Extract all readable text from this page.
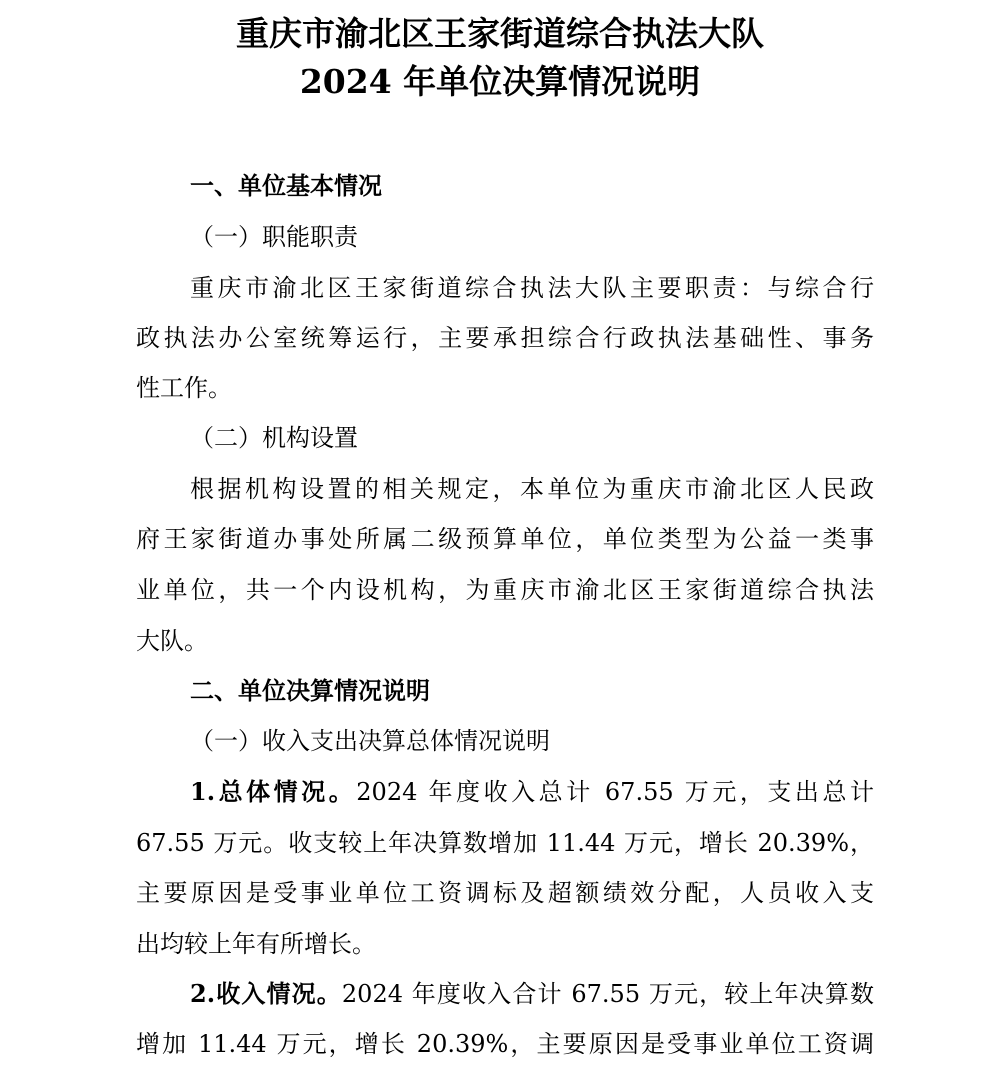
重庆市渝北区王家街道综合执法大队
2024 年单位决算情况说明
一、单位基本情况
（一）职能职责
重庆市渝北区王家街道综合执法大队主要职责：与综合行
政执法办公室统筹运行，主要承担综合行政执法基础性、事务
性工作。
（二）机构设置
根据机构设置的相关规定，本单位为重庆市渝北区人民政
府王家街道办事处所属二级预算单位，单位类型为公益一类事
业单位，共一个内设机构，为重庆市渝北区王家街道综合执法
大队。
二、单位决算情况说明
（一）收入支出决算总体情况说明
1.总体情况。2024 年度收入总计 67.55 万元，支出总计
67.55 万元。收支较上年决算数增加 11.44 万元，增长 20.39%，
主要原因是受事业单位工资调标及超额绩效分配，人员收入支
出均较上年有所增长。
2.收入情况。2024 年度收入合计 67.55 万元，较上年决算数
增加 11.44 万元，增长 20.39%，主要原因是受事业单位工资调
